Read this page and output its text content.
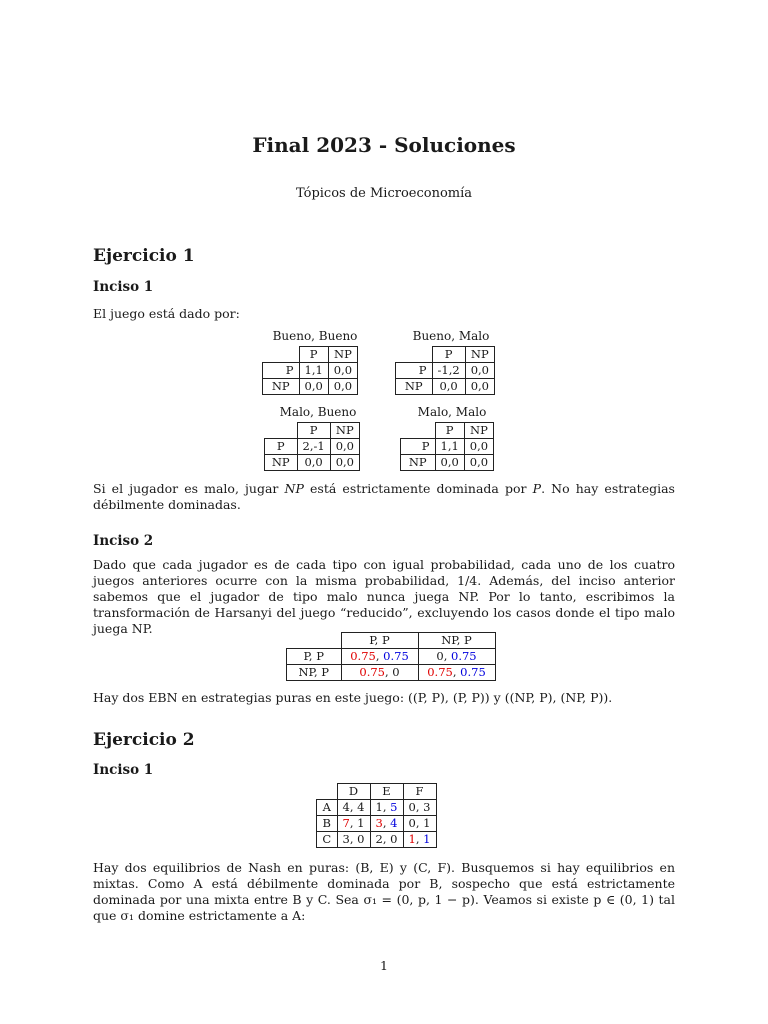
Final 2023 - Soluciones
Tópicos de Microeconomía
Ejercicio 1
Inciso 1
El juego está dado por:
Bueno, Bueno
	P	NP
P	1,1	0,0
NP	0,0	0,0
Bueno, Malo
	P	NP
P	-1,2	0,0
NP	0,0	0,0
Malo, Bueno
	P	NP
P	2,-1	0,0
NP	0,0	0,0
Malo, Malo
	P	NP
P	1,1	0,0
NP	0,0	0,0
Si el jugador es malo, jugar NP está estrictamente dominada por P. No hay estrategias débilmente dominadas.
Inciso 2
Dado que cada jugador es de cada tipo con igual probabilidad, cada uno de los cuatro juegos anteriores ocurre con la misma probabilidad, 1/4. Además, del inciso anterior sabemos que el jugador de tipo malo nunca juega NP. Por lo tanto, escribimos la transformación de Harsanyi del juego “reducido”, excluyendo los casos donde el tipo malo juega NP.
	P, P	NP, P
P, P	0.75, 0.75	0, 0.75
NP, P	0.75, 0	0.75, 0.75
Hay dos EBN en estrategias puras en este juego: ((P, P), (P, P)) y ((NP, P), (NP, P)).
Ejercicio 2
Inciso 1
	D	E	F
A	4, 4	1, 5	0, 3
B	7, 1	3, 4	0, 1
C	3, 0	2, 0	1, 1
Hay dos equilibrios de Nash en puras: (B, E) y (C, F). Busquemos si hay equilibrios en mixtas. Como A está débilmente dominada por B, sospecho que está estrictamente dominada por una mixta entre B y C. Sea σ₁ = (0, p, 1 − p). Veamos si existe p ∈ (0, 1) tal que σ₁ domine estrictamente a A:
1
